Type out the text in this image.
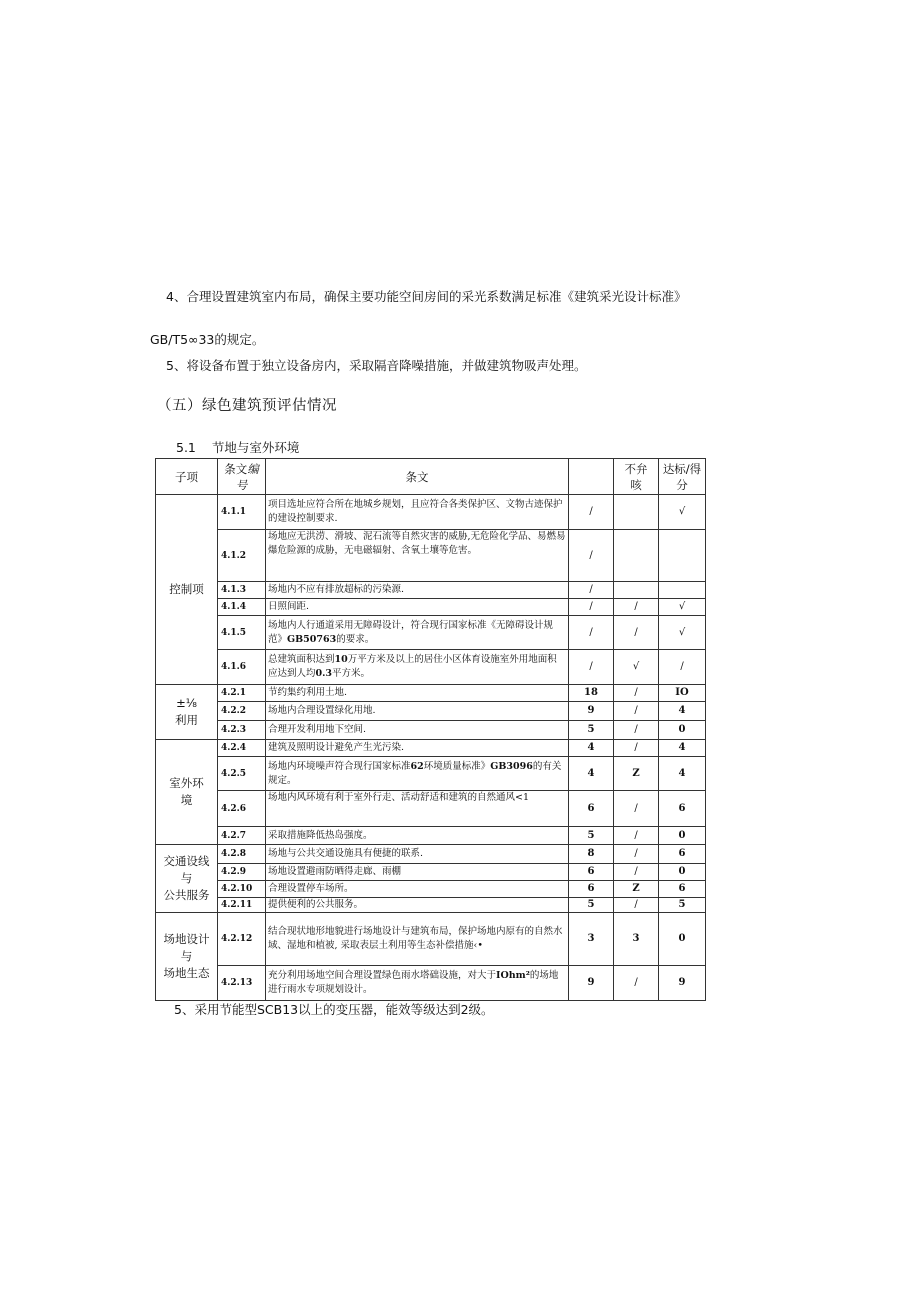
4、合理设置建筑室内布局，确保主要功能空间房间的采光系数满足标准《建筑采光设计标准》
GB/T5∞33的规定。
5、将设备布置于独立设备房内，采取隔音降噪措施，并做建筑物吸声处理。
（五）绿色建筑预评估情况
5.1 节地与室外环境
子项	条文编
号	条文		不弁
咳	达标/得
分
控制项	4.1.1	项目选址应符合所在地城乡规划，且应符合各类保护区、文物古迹保护的建设控制要求.	/		√
	4.1.2	场地应无洪涝、滑坡、泥石流等自然灾害的威胁,无危险化学品、易燃易爆危险源的成胁，无电磁辐射、含氧土壤等危害。	/		
	4.1.3	场地内不应有排放超标的污染源.	/		
	4.1.4	日照间距.	/	/	√
	4.1.5	场地内人行通道采用无障碍设计，符合现行国家标准《无障碍设计规范》GB50763的要求。	/	/	√
	4.1.6	总建筑面积达到10万平方米及以上的居住小区体育设施室外用地面积应达到人均0.3平方米。	/	√	/
±⅛
利用	4.2.1	节约集约利用土地.	18	/	IO
	4.2.2	场地内合理设置绿化用地.	9	/	4
	4.2.3	合理开发利用地下空间.	5	/	0
室外环
境	4.2.4	建筑及照明设计避免产生光污染.	4	/	4
	4.2.5	场地内环境噪声符合现行国家标准62环境质量标准》GB3096的有关规定。	4	Z	4
	4.2.6	场地内风环境有利于室外行走、活动舒适和建筑的自然通风<1	6	/	6
	4.2.7	采取措施降低热岛强度。	5	/	0
交通设线与
公共服务	4.2.8	场地与公共交通设施具有便捷的联系.	8	/	6
	4.2.9	场地设置避雨防晒得走廊、雨棚	6	/	0
	4.2.10	合理设置停车场所。	6	Z	6
	4.2.11	提供便利的公共服务。	5	/	5
场地设计与
场地生态	4.2.12	结合现状地形地貌进行场地设计与建筑布局，保护场地内原有的自然水域、湿地和植被, 采取表层土利用等生态补偿措施‹•	3	3	0
	4.2.13	充分利用场地空间合理设置绿色雨水塔础设施，对大于IOhm²的场地进行雨水专项规划设计。	9	/	9
5、采用节能型SCB13以上的变压器，能效等级达到2级。
